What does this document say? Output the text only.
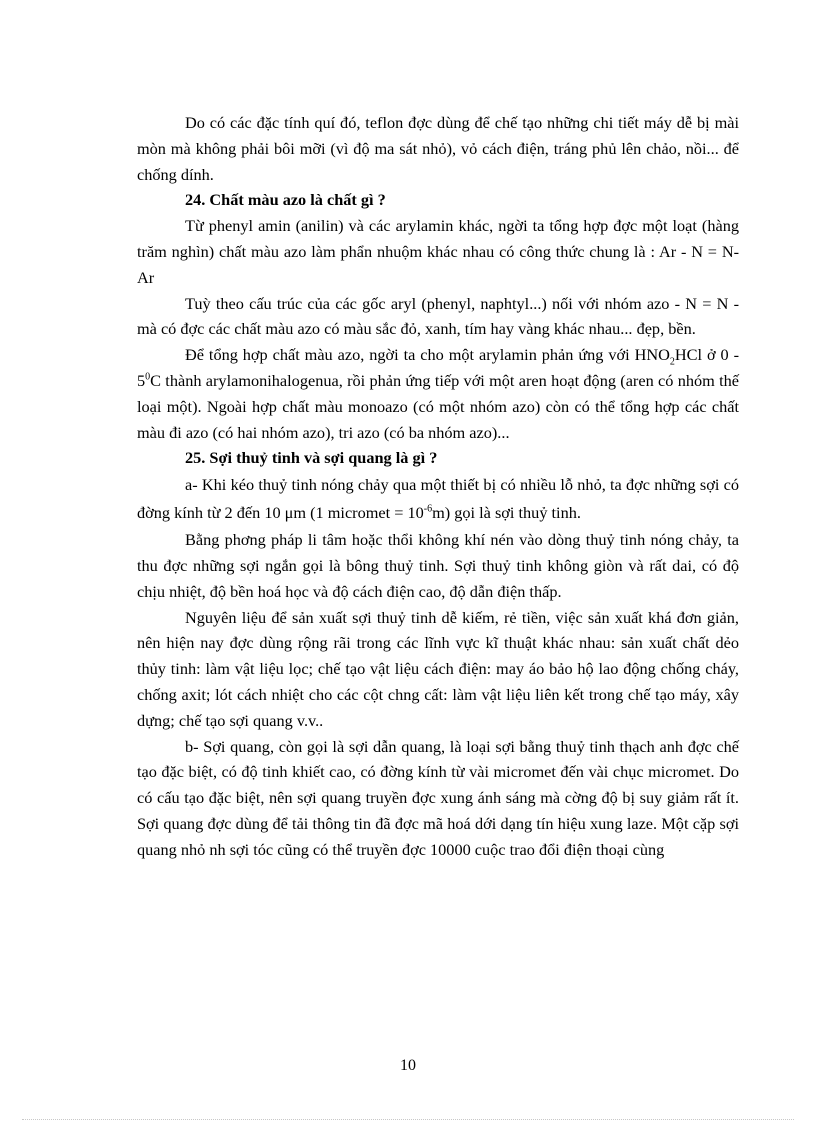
Do có các đặc tính quí đó, teflon đợc dùng để chế tạo những chi tiết máy dễ bị mài mòn mà không phải bôi mỡi (vì độ ma sát nhỏ), vỏ cách điện, tráng phủ lên chảo, nồi... để chống dính.

24. Chất màu azo là chất gì ?

Từ phenyl amin (anilin) và các arylamin khác, ngời ta tổng hợp đợc một loạt (hàng trăm nghìn) chất màu azo làm phẩn nhuộm khác nhau có công thức chung là : Ar - N = N-Ar

Tuỳ theo cấu trúc của các gốc aryl (phenyl, naphtyl...) nối với nhóm azo - N = N - mà có đợc các chất màu azo có màu sắc đỏ, xanh, tím hay vàng khác nhau... đẹp, bền.

Để tổng hợp chất màu azo, ngời ta cho một arylamin phản ứng với $HNO_2HCl$ ở $0 - 5^0C$ thành arylamonihalogenua, rồi phản ứng tiếp với một aren hoạt động (aren có nhóm thế loại một). Ngoài hợp chất màu monoazo (có một nhóm azo) còn có thể tổng hợp các chất màu đi azo (có hai nhóm azo), tri azo (có ba nhóm azo)...

25. Sợi thuỷ tinh và sợi quang là gì ?

a- Khi kéo thuỷ tinh nóng chảy qua một thiết bị có nhiều lỗ nhỏ, ta đợc những sợi có đờng kính từ 2 đến 10 μm (1 micromet = $10^{-6}m$) gọi là sợi thuỷ tinh.

Bằng phơng pháp li tâm hoặc thổi không khí nén vào dòng thuỷ tinh nóng chảy, ta thu đợc những sợi ngắn gọi là bông thuỷ tinh. Sợi thuỷ tinh không giòn và rất dai, có độ chịu nhiệt, độ bền hoá học và độ cách điện cao, độ dẫn điện thấp.

Nguyên liệu để sản xuất sợi thuỷ tinh dễ kiếm, rẻ tiền, việc sản xuất khá đơn giản, nên hiện nay đợc dùng rộng rãi trong các lĩnh vực kĩ thuật khác nhau: sản xuất chất dẻo thủy tinh: làm vật liệu lọc; chế tạo vật liệu cách điện: may áo bảo hộ lao động chống cháy, chống axit; lót cách nhiệt cho các cột chng cất: làm vật liệu liên kết trong chế tạo máy, xây dựng; chế tạo sợi quang v.v..

b- Sợi quang, còn gọi là sợi dẫn quang, là loại sợi bằng thuỷ tinh thạch anh đợc chế tạo đặc biệt, có độ tinh khiết cao, có đờng kính từ vài micromet đến vài chục micromet. Do có cấu tạo đặc biệt, nên sợi quang truyền đợc xung ánh sáng mà cờng độ bị suy giảm rất ít. Sợi quang đợc dùng để tải thông tin đã đợc mã hoá dới dạng tín hiệu xung laze. Một cặp sợi quang nhỏ nh sợi tóc cũng có thể truyền đợc 10000 cuộc trao đổi điện thoại cùng

10
